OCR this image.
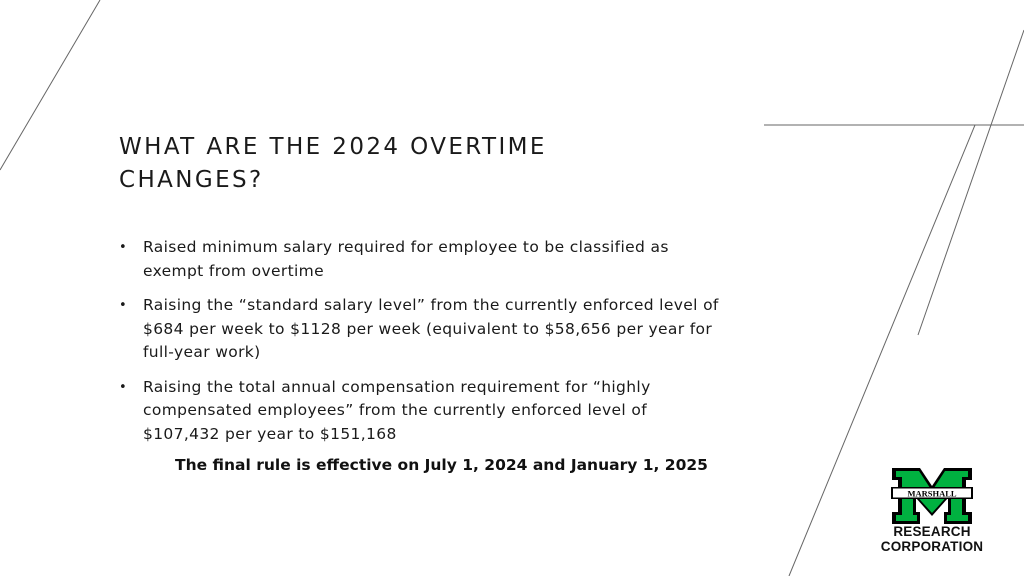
WHAT ARE THE 2024 OVERTIME CHANGES?
• Raised minimum salary required for employee to be classified as exempt from overtime
• Raising the “standard salary level” from the currently enforced level of $684 per week to $1128 per week (equivalent to $58,656 per year for full-year work)
• Raising the total annual compensation requirement for “highly compensated employees” from the currently enforced level of $107,432 per year to $151,168
The final rule is effective on July 1, 2024 and January 1, 2025
MARSHALL
RESEARCH
CORPORATION
